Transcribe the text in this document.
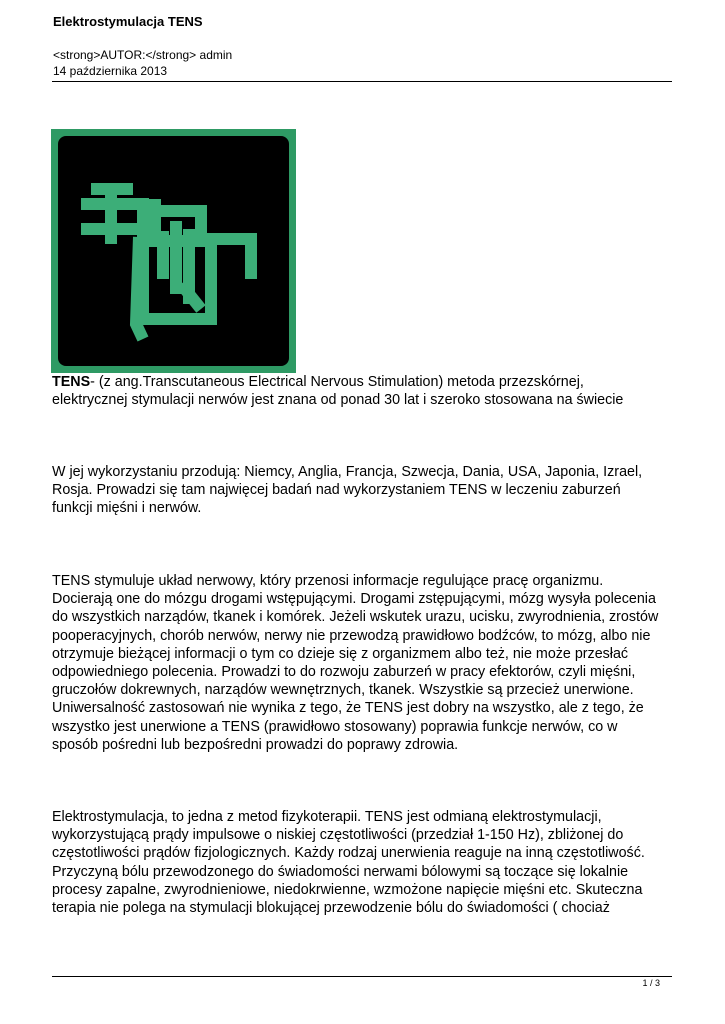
Elektrostymulacja TENS
<strong>AUTOR:</strong> admin
14 października 2013
TENS- (z ang.Transcutaneous Electrical Nervous Stimulation) metoda przezskórnej,
elektrycznej stymulacji nerwów jest znana od ponad 30 lat i szeroko stosowana na świecie
W jej wykorzystaniu przodują: Niemcy, Anglia, Francja, Szwecja, Dania, USA, Japonia, Izrael,
Rosja. Prowadzi się tam najwięcej badań nad wykorzystaniem TENS w leczeniu zaburzeń
funkcji mięśni i nerwów.
TENS stymuluje układ nerwowy, który przenosi informacje regulujące pracę organizmu.
Docierają one do mózgu drogami wstępującymi. Drogami zstępującymi, mózg wysyła polecenia
do wszystkich narządów, tkanek i komórek. Jeżeli wskutek urazu, ucisku, zwyrodnienia, zrostów
pooperacyjnych, chorób nerwów, nerwy nie przewodzą prawidłowo bodźców, to mózg, albo nie
otrzymuje bieżącej informacji o tym co dzieje się z organizmem albo też, nie może przesłać
odpowiedniego polecenia. Prowadzi to do rozwoju zaburzeń w pracy efektorów, czyli mięśni,
gruczołów dokrewnych, narządów wewnętrznych, tkanek. Wszystkie są przecież unerwione.
Uniwersalność zastosowań nie wynika z tego, że TENS jest dobry na wszystko, ale z tego, że
wszystko jest unerwione a TENS (prawidłowo stosowany) poprawia funkcje nerwów, co w
sposób pośredni lub bezpośredni prowadzi do poprawy zdrowia.
Elektrostymulacja, to jedna z metod fizykoterapii. TENS jest odmianą elektrostymulacji,
wykorzystującą prądy impulsowe o niskiej częstotliwości (przedział 1-150 Hz), zbliżonej do
częstotliwości prądów fizjologicznych. Każdy rodzaj unerwienia reaguje na inną częstotliwość.
Przyczyną bólu przewodzonego do świadomości nerwami bólowymi są toczące się lokalnie
procesy zapalne, zwyrodnieniowe, niedokrwienne, wzmożone napięcie mięśni etc. Skuteczna
terapia nie polega na stymulacji blokującej przewodzenie bólu do świadomości ( chociaż
1 / 3
